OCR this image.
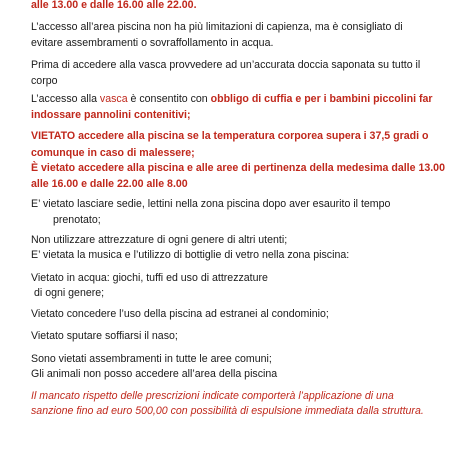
alle 13.00 e dalle 16.00 alle 22.00.

L’accesso all’area piscina non ha più limitazioni di capienza, ma è consigliato di

evitare assembramenti o sovraffollamento in acqua.

Prima di accedere alla vasca provvedere ad un’accurata doccia saponata su tutto il

corpo

L’accesso alla vasca è consentito con obbligo di cuffia e per i bambini piccolini far

indossare pannolini contenitivi;

VIETATO accedere alla piscina se la temperatura corporea supera i 37,5 gradi o

comunque in caso di malessere;

È vietato accedere alla piscina e alle aree di pertinenza della medesima dalle 13.00

alle 16.00 e dalle 22.00 alle 8.00

E’ vietato lasciare sedie, lettini nella zona piscina dopo aver esaurito il tempo

prenotato;

Non utilizzare attrezzature di ogni genere di altri utenti;

E’ vietata la musica e l’utilizzo di bottiglie di vetro nella zona piscina:

Vietato in acqua: giochi, tuffi ed uso di attrezzature

di ogni genere;

Vietato concedere l’uso della piscina ad estranei al condominio;

Vietato sputare soffiarsi il naso;

Sono vietati assembramenti in tutte le aree comuni;

Gli animali non posso accedere all’area della piscina

Il mancato rispetto delle prescrizioni indicate comporterà l’applicazione di una

sanzione fino ad euro 500,00 con possibilità di espulsione immediata dalla struttura.
